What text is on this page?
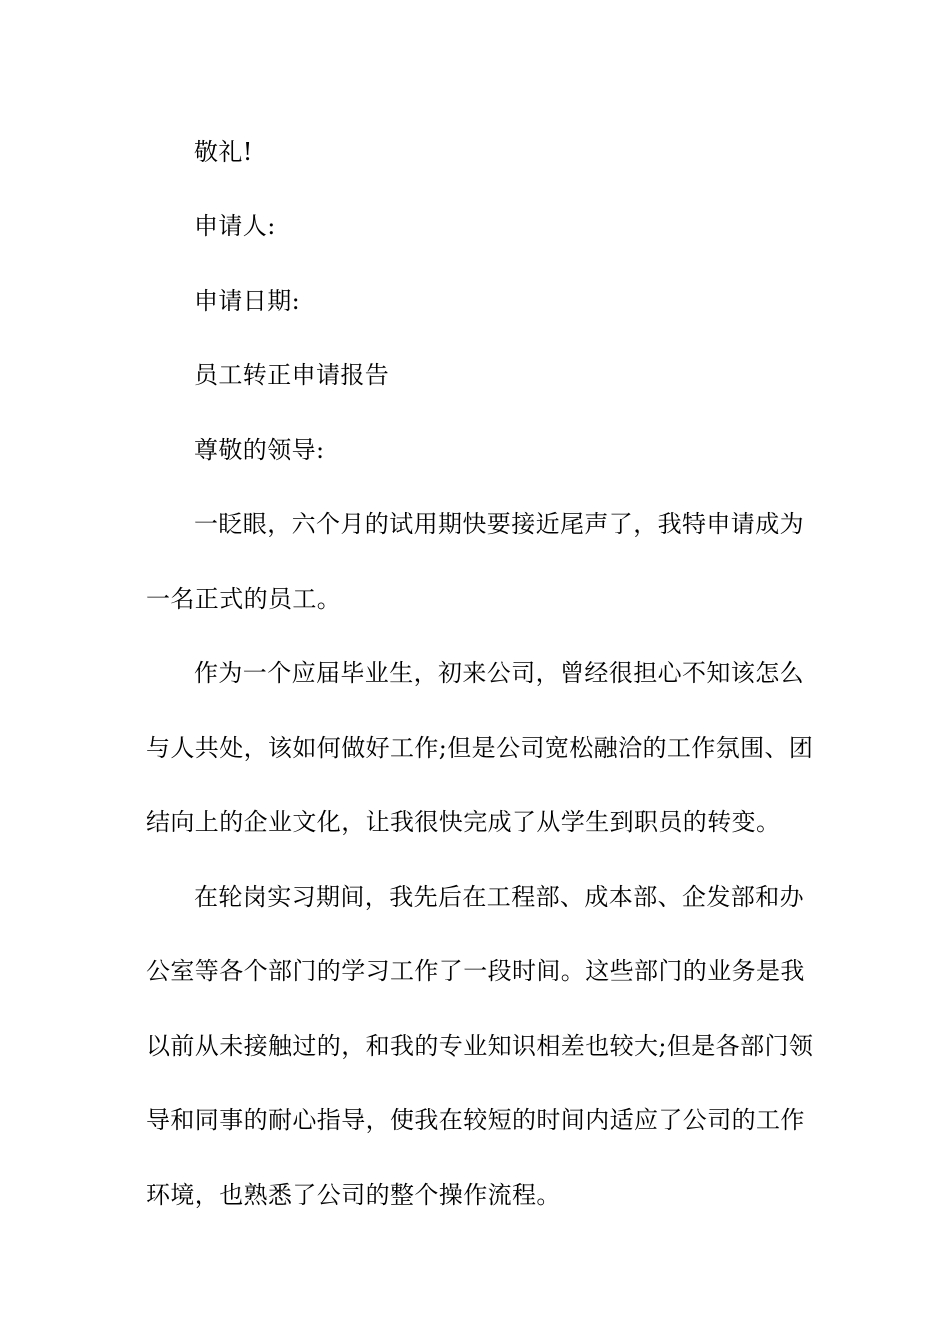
敬礼!
申请人:
申请日期:
员工转正申请报告
尊敬的领导:
一眨眼，六个月的试用期快要接近尾声了，我特申请成为
一名正式的员工。
作为一个应届毕业生，初来公司，曾经很担心不知该怎么
与人共处，该如何做好工作;但是公司宽松融洽的工作氛围、团
结向上的企业文化，让我很快完成了从学生到职员的转变。
在轮岗实习期间，我先后在工程部、成本部、企发部和办
公室等各个部门的学习工作了一段时间。这些部门的业务是我
以前从未接触过的，和我的专业知识相差也较大;但是各部门领
导和同事的耐心指导，使我在较短的时间内适应了公司的工作
环境，也熟悉了公司的整个操作流程。
